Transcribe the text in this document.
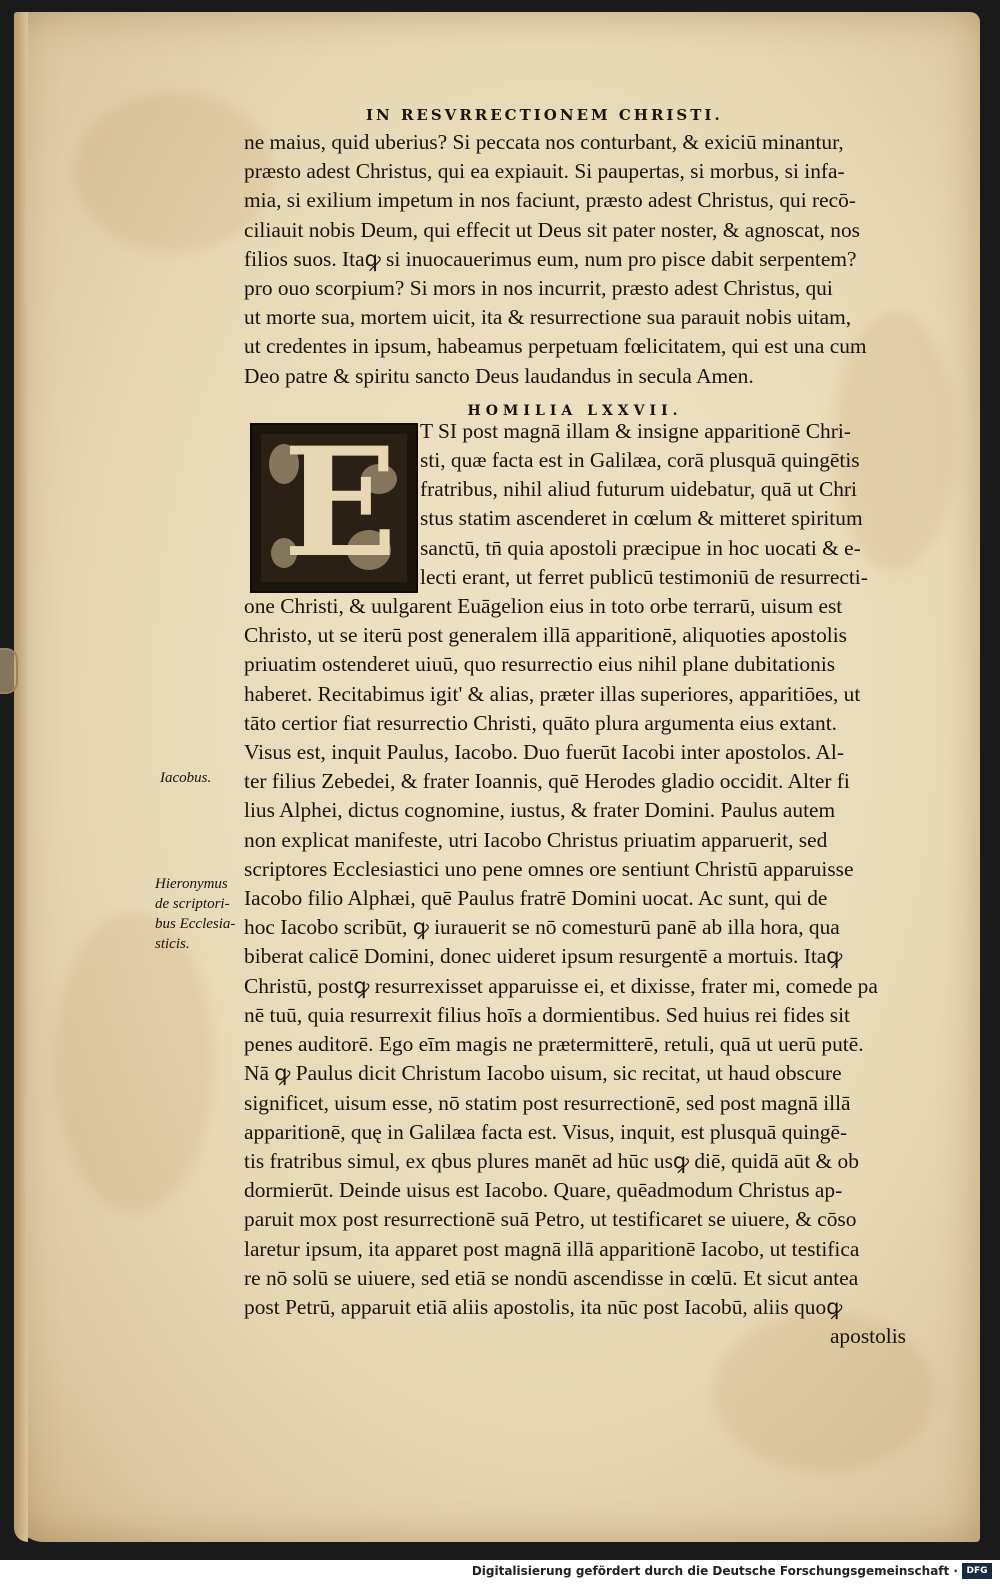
IN RESVRRECTIONEM CHRISTI.
ne maius, quid uberius? Si peccata nos conturbant, & exiciū minantur,
præsto adest Christus, qui ea expiauit. Si paupertas, si morbus, si infa-
mia, si exilium impetum in nos faciunt, præsto adest Christus, qui recō-
ciliauit nobis Deum, qui effecit ut Deus sit pater noster, & agnoscat, nos
filios suos. Itaꝙ si inuocauerimus eum, num pro pisce dabit serpentem?
pro ouo scorpium? Si mors in nos incurrit, præsto adest Christus, qui
ut morte sua, mortem uicit, ita & resurrectione sua parauit nobis uitam,
ut credentes in ipsum, habeamus perpetuam fœlicitatem, qui est una cum
Deo patre & spiritu sancto Deus laudandus in secula Amen.
HOMILIA LXXVII.
E	T SI post magnā illam & insigne apparitionē Chri-
sti, quæ facta est in Galilæa, corā plusquā quingētis
fratribus, nihil aliud futurum uidebatur, quā ut Chri
stus statim ascenderet in cœlum & mitteret spiritum
sanctū, tn̄ quia apostoli præcipue in hoc uocati & e-
lecti erant, ut ferret publicū testimoniū de resurrecti-
one Christi, & uulgarent Euāgelion eius in toto orbe terrarū, uisum est
Christo, ut se iterū post generalem illā apparitionē, aliquoties apostolis
priuatim ostenderet uiuū, quo resurrectio eius nihil plane dubitationis
haberet. Recitabimus igit' & alias, præter illas superiores, apparitiōes, ut
tāto certior fiat resurrectio Christi, quāto plura argumenta eius extant.
Visus est, inquit Paulus, Iacobo. Duo fuerūt Iacobi inter apostolos. Al-
ter filius Zebedei, & frater Ioannis, quē Herodes gladio occidit. Alter fi
lius Alphei, dictus cognomine, iustus, & frater Domini. Paulus autem
non explicat manifeste, utri Iacobo Christus priuatim apparuerit, sed
scriptores Ecclesiastici uno pene omnes ore sentiunt Christū apparuisse
Iacobo filio Alphæi, quē Paulus fratrē Domini uocat. Ac sunt, qui de
hoc Iacobo scribūt, ꝙ iurauerit se nō comesturū panē ab illa hora, qua
biberat calicē Domini, donec uideret ipsum resurgentē a mortuis. Itaꝙ
Christū, postꝙ resurrexisset apparuisse ei, et dixisse, frater mi, comede pa
nē tuū, quia resurrexit filius hoīs a dormientibus. Sed huius rei fides sit
penes auditorē. Ego eīm magis ne prætermitterē, retuli, quā ut uerū putē.
Nā ꝙ Paulus dicit Christum Iacobo uisum, sic recitat, ut haud obscure
significet, uisum esse, nō statim post resurrectionē, sed post magnā illā
apparitionē, quę in Galilæa facta est. Visus, inquit, est plusquā quingē-
tis fratribus simul, ex qbus plures manēt ad hūc usꝙ diē, quidā aūt & ob
dormierūt. Deinde uisus est Iacobo. Quare, quēadmodum Christus ap-
paruit mox post resurrectionē suā Petro, ut testificaret se uiuere, & cōso
laretur ipsum, ita apparet post magnā illā apparitionē Iacobo, ut testifica
re nō solū se uiuere, sed etiā se nondū ascendisse in cœlū. Et sicut antea
post Petrū, apparuit etiā aliis apostolis, ita nūc post Iacobū, aliis quoꝙ
apostolis
Iacobus.
Hieronymus
de scriptori-
bus Ecclesia-
sticis.
Digitalisierung gefördert durch die Deutsche Forschungsgemeinschaft · DFG
